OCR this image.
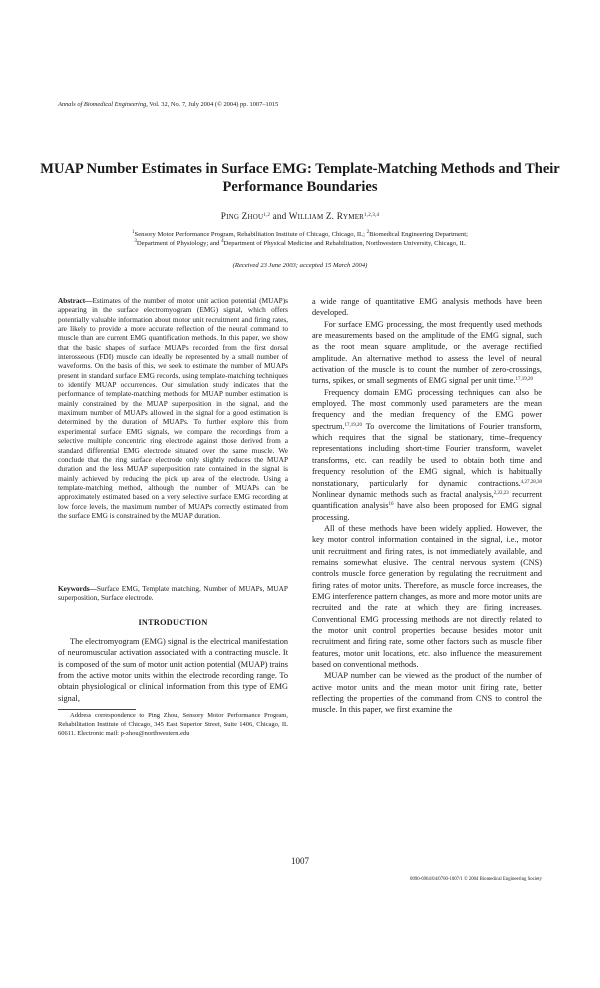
Annals of Biomedical Engineering, Vol. 32, No. 7, July 2004 (© 2004) pp. 1007–1015
MUAP Number Estimates in Surface EMG: Template-Matching Methods and Their Performance Boundaries
PING ZHOU$^{1,2}$ and WILLIAM Z. RYMER$^{1,2,3,4}$
$^1$Sensory Motor Performance Program, Rehabilitation Institute of Chicago, Chicago, IL; $^2$Biomedical Engineering Department;
$^3$Department of Physiology; and $^4$Department of Physical Medicine and Rehabilitation, Northwestern University, Chicago, IL
(Received 23 June 2003; accepted 15 March 2004)
Abstract—Estimates of the number of motor unit action potential (MUAP)s appearing in the surface electromyogram (EMG) signal, which offers potentially valuable information about motor unit recruitment and firing rates, are likely to provide a more accurate reflection of the neural command to muscle than are current EMG quantification methods. In this paper, we show that the basic shapes of surface MUAPs recorded from the first dorsal interosseous (FDI) muscle can ideally be represented by a small number of waveforms. On the basis of this, we seek to estimate the number of MUAPs present in standard surface EMG records, using template-matching techniques to identify MUAP occurrences. Our simulation study indicates that the performance of template-matching methods for MUAP number estimation is mainly constrained by the MUAP superposition in the signal, and the maximum number of MUAPs allowed in the signal for a good estimation is determined by the duration of MUAPs. To further explore this from experimental surface EMG signals, we compare the recordings from a selective multiple concentric ring electrode against those derived from a standard differential EMG electrode situated over the same muscle. We conclude that the ring surface electrode only slightly reduces the MUAP duration and the less MUAP superposition rate contained in the signal is mainly achieved by reducing the pick up area of the electrode. Using a template-matching method, although the number of MUAPs can be approximately estimated based on a very selective surface EMG recording at low force levels, the maximum number of MUAPs correctly estimated from the surface EMG is constrained by the MUAP duration.
Keywords—Surface EMG, Template matching, Number of MUAPs, MUAP superposition, Surface electrode.
INTRODUCTION

The electromyogram (EMG) signal is the electrical manifestation of neuromuscular activation associated with a contracting muscle. It is composed of the sum of motor unit action potential (MUAP) trains from the active motor units within the electrode recording range. To obtain physiological or clinical information from this type of EMG signal,

Address correspondence to Ping Zhou, Sensory Motor Performance Program, Rehabilitation Institute of Chicago, 345 East Superior Street, Suite 1406, Chicago, IL 60611. Electronic mail: p-zhou@northwestern.edu

a wide range of quantitative EMG analysis methods have been developed.

For surface EMG processing, the most frequently used methods are measurements based on the amplitude of the EMG signal, such as the root mean square amplitude, or the average rectified amplitude. An alternative method to assess the level of neural activation of the muscle is to count the number of zero-crossings, turns, spikes, or small segments of EMG signal per unit time.$^{17,19,20}$

Frequency domain EMG processing techniques can also be employed. The most commonly used parameters are the mean frequency and the median frequency of the EMG power spectrum.$^{17,19,20}$ To overcome the limitations of Fourier transform, which requires that the signal be stationary, time–frequency representations including short-time Fourier transform, wavelet transforms, etc. can readily be used to obtain both time and frequency resolution of the EMG signal, which is habitually nonstationary, particularly for dynamic contractions.$^{4,27,28,30}$ Nonlinear dynamic methods such as fractal analysis,$^{2,22,23}$ recurrent quantification analysis$^{16}$ have also been proposed for EMG signal processing.

All of these methods have been widely applied. However, the key motor control information contained in the signal, i.e., motor unit recruitment and firing rates, is not immediately available, and remains somewhat elusive. The central nervous system (CNS) controls muscle force generation by regulating the recruitment and firing rates of motor units. Therefore, as muscle force increases, the EMG interference pattern changes, as more and more motor units are recruited and the rate at which they are firing increases. Conventional EMG processing methods are not directly related to the motor unit control properties because besides motor unit recruitment and firing rate, some other factors such as muscle fiber features, motor unit locations, etc. also influence the measurement based on conventional methods.

MUAP number can be viewed as the product of the number of active motor units and the mean motor unit firing rate, better reflecting the properties of the command from CNS to control the muscle. In this paper, we first examine the

1007
0090-6964/04/0700-1007/1 © 2004 Biomedical Engineering Society
